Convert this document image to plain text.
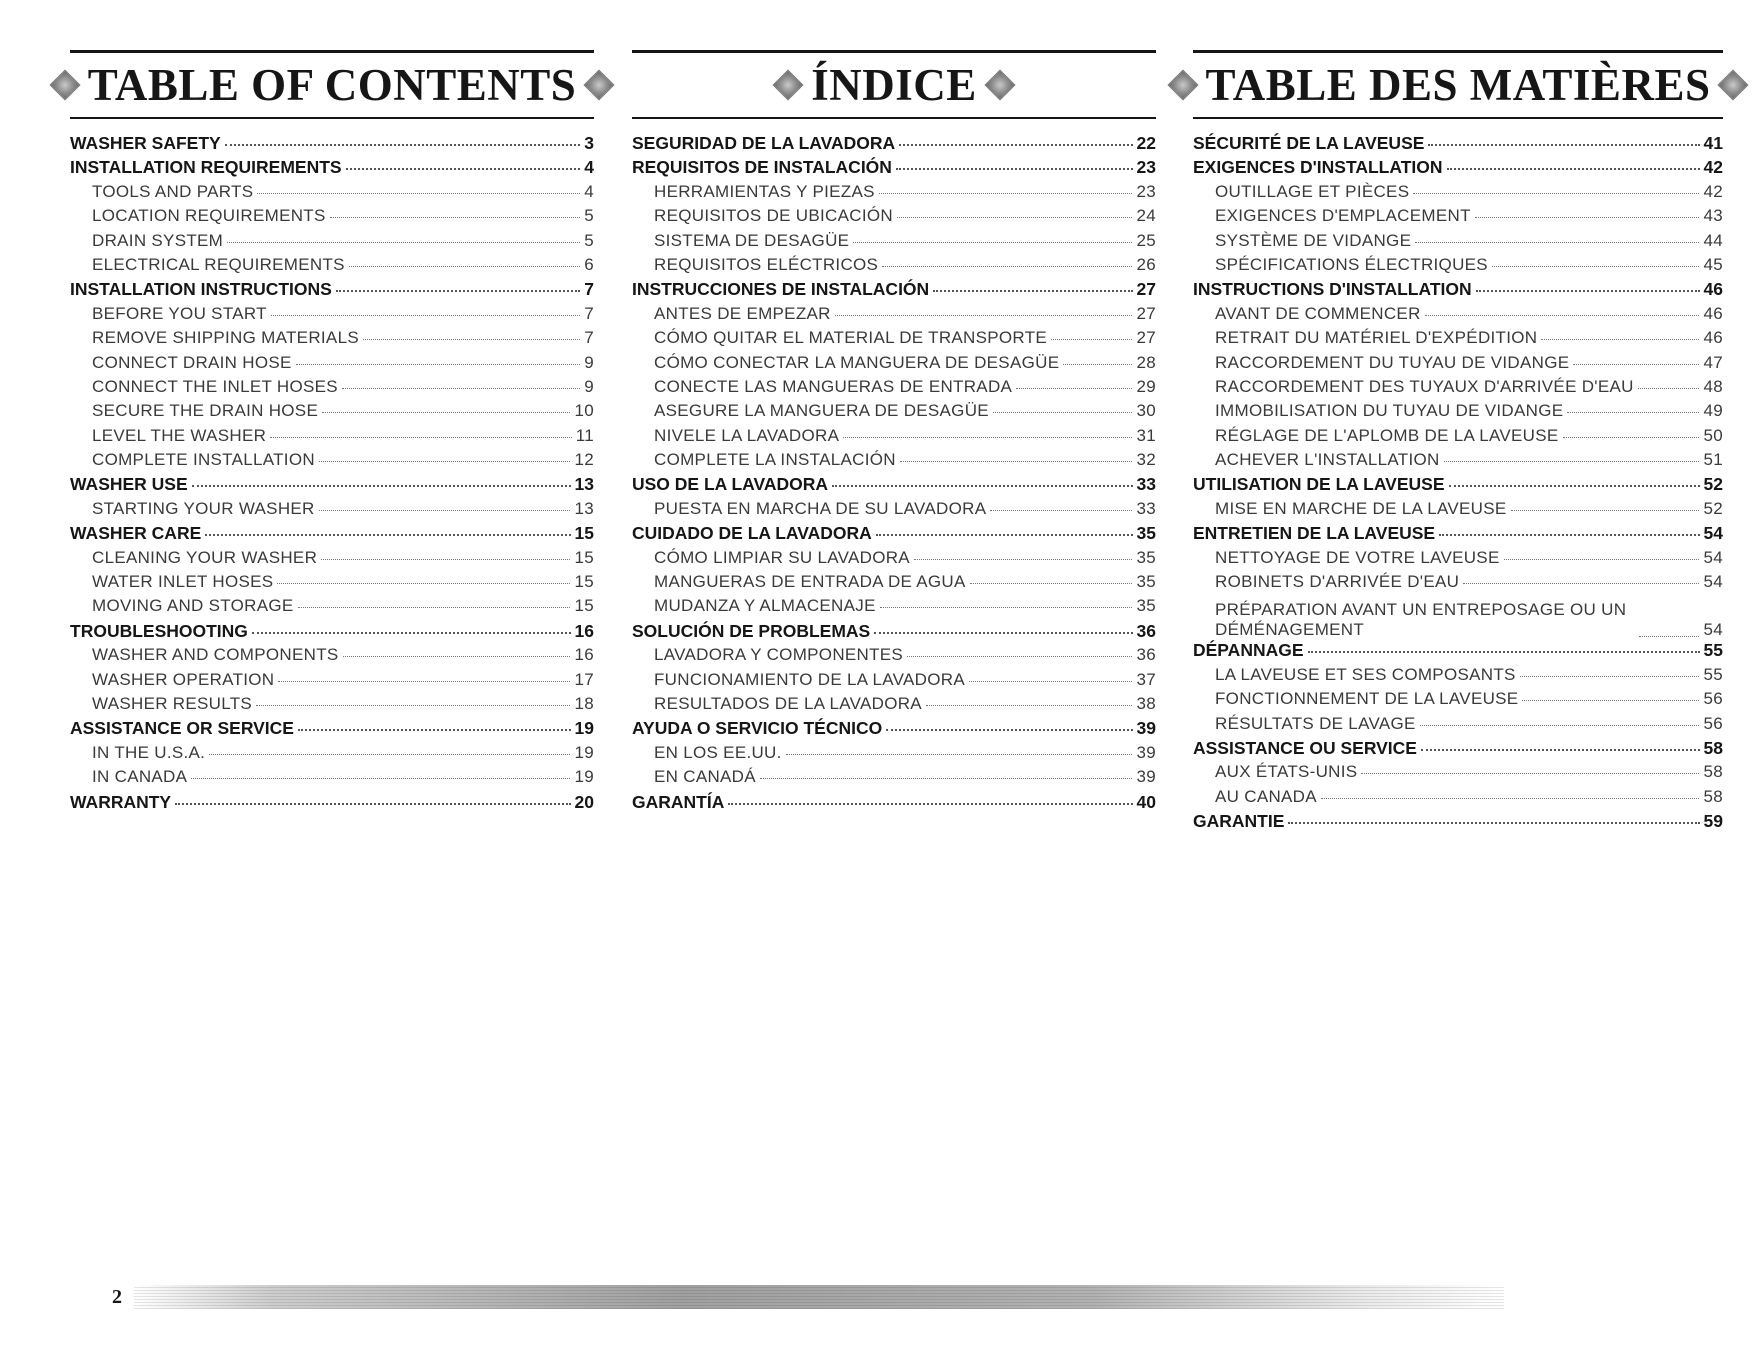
TABLE OF CONTENTS
WASHER SAFETY	3
INSTALLATION REQUIREMENTS	4
TOOLS AND PARTS	4
LOCATION REQUIREMENTS	5
DRAIN SYSTEM	5
ELECTRICAL REQUIREMENTS	6
INSTALLATION INSTRUCTIONS	7
BEFORE YOU START	7
REMOVE SHIPPING MATERIALS	7
CONNECT DRAIN HOSE	9
CONNECT THE INLET HOSES	9
SECURE THE DRAIN HOSE	10
LEVEL THE WASHER	11
COMPLETE INSTALLATION	12
WASHER USE	13
STARTING YOUR WASHER	13
WASHER CARE	15
CLEANING YOUR WASHER	15
WATER INLET HOSES	15
MOVING AND STORAGE	15
TROUBLESHOOTING	16
WASHER AND COMPONENTS	16
WASHER OPERATION	17
WASHER RESULTS	18
ASSISTANCE OR SERVICE	19
IN THE U.S.A.	19
IN CANADA	19
WARRANTY	20
ÍNDICE
SEGURIDAD DE LA LAVADORA	22
REQUISITOS DE INSTALACIÓN	23
HERRAMIENTAS Y PIEZAS	23
REQUISITOS DE UBICACIÓN	24
SISTEMA DE DESAGÜE	25
REQUISITOS ELÉCTRICOS	26
INSTRUCCIONES DE INSTALACIÓN	27
ANTES DE EMPEZAR	27
CÓMO QUITAR EL MATERIAL DE TRANSPORTE	27
CÓMO CONECTAR LA MANGUERA DE DESAGÜE	28
CONECTE LAS MANGUERAS DE ENTRADA	29
ASEGURE LA MANGUERA DE DESAGÜE	30
NIVELE LA LAVADORA	31
COMPLETE LA INSTALACIÓN	32
USO DE LA LAVADORA	33
PUESTA EN MARCHA DE SU LAVADORA	33
CUIDADO DE LA LAVADORA	35
CÓMO LIMPIAR SU LAVADORA	35
MANGUERAS DE ENTRADA DE AGUA	35
MUDANZA Y ALMACENAJE	35
SOLUCIÓN DE PROBLEMAS	36
LAVADORA Y COMPONENTES	36
FUNCIONAMIENTO DE LA LAVADORA	37
RESULTADOS DE LA LAVADORA	38
AYUDA O SERVICIO TÉCNICO	39
EN LOS EE.UU.	39
EN CANADÁ	39
GARANTÍA	40
TABLE DES MATIÈRES
SÉCURITÉ DE LA LAVEUSE	41
EXIGENCES D'INSTALLATION	42
OUTILLAGE ET PIÈCES	42
EXIGENCES D'EMPLACEMENT	43
SYSTÈME DE VIDANGE	44
SPÉCIFICATIONS ÉLECTRIQUES	45
INSTRUCTIONS D'INSTALLATION	46
AVANT DE COMMENCER	46
RETRAIT DU MATÉRIEL D'EXPÉDITION	46
RACCORDEMENT DU TUYAU DE VIDANGE	47
RACCORDEMENT DES TUYAUX D'ARRIVÉE D'EAU	48
IMMOBILISATION DU TUYAU DE VIDANGE	49
RÉGLAGE DE L'APLOMB DE LA LAVEUSE	50
ACHEVER L'INSTALLATION	51
UTILISATION DE LA LAVEUSE	52
MISE EN MARCHE DE LA LAVEUSE	52
ENTRETIEN DE LA LAVEUSE	54
NETTOYAGE DE VOTRE LAVEUSE	54
ROBINETS D'ARRIVÉE D'EAU	54
PRÉPARATION AVANT UN ENTREPOSAGE OU UN DÉMÉNAGEMENT	54
DÉPANNAGE	55
LA LAVEUSE ET SES COMPOSANTS	55
FONCTIONNEMENT DE LA LAVEUSE	56
RÉSULTATS DE LAVAGE	56
ASSISTANCE OU SERVICE	58
AUX ÉTATS-UNIS	58
AU CANADA	58
GARANTIE	59
2
